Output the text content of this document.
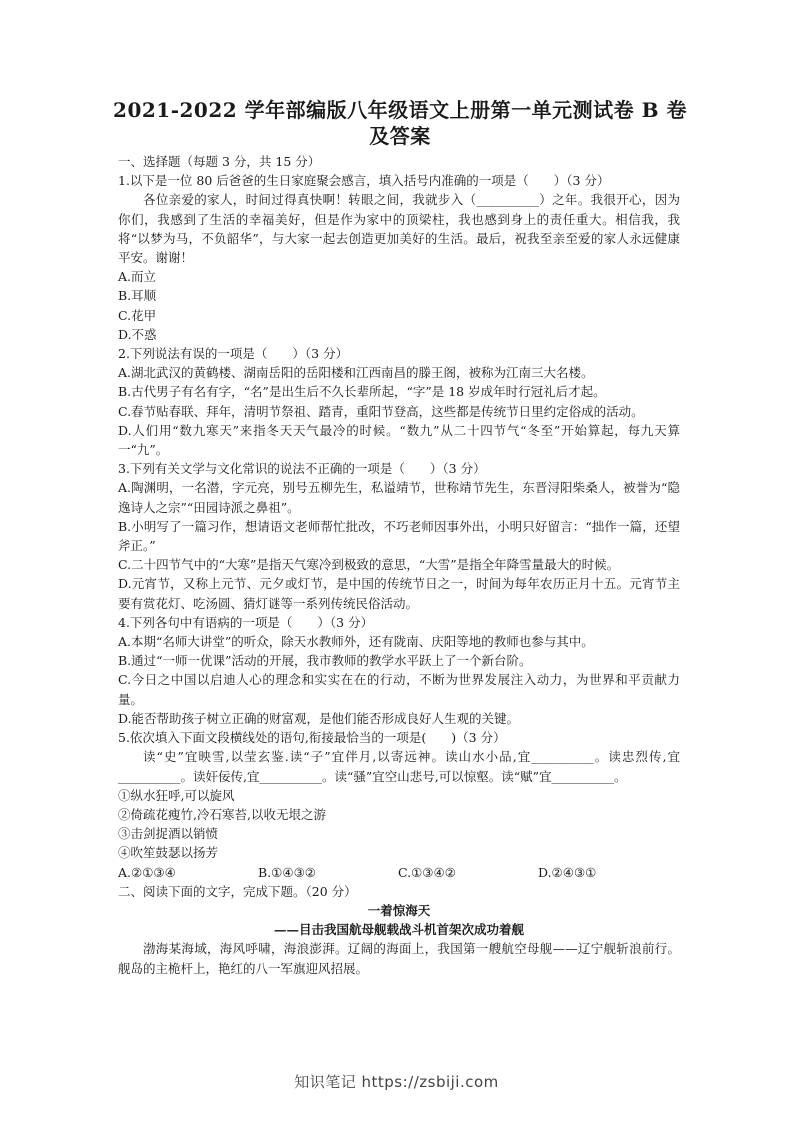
2021-2022 学年部编版八年级语文上册第一单元测试卷 B 卷
及答案

一、选择题（每题 3 分，共 15 分）

1.以下是一位 80 后爸爸的生日家庭聚会感言，填入括号内准确的一项是（　　）（3 分）

各位亲爱的家人，时间过得真快啊！转眼之间，我就步入（__________）之年。我很开心，因为你们，我感到了生活的幸福美好，但是作为家中的顶梁柱，我也感到身上的责任重大。相信我，我将“以梦为马，不负韶华”，与大家一起去创造更加美好的生活。最后，祝我至亲至爱的家人永远健康平安。谢谢！

A.而立

B.耳顺

C.花甲

D.不惑

2.下列说法有误的一项是（　　）（3 分）

A.湖北武汉的黄鹤楼、湖南岳阳的岳阳楼和江西南昌的滕王阁，被称为江南三大名楼。

B.古代男子有名有字，“名”是出生后不久长辈所起，“字”是 18 岁成年时行冠礼后才起。

C.春节贴春联、拜年，清明节祭祖、踏青，重阳节登高，这些都是传统节日里约定俗成的活动。

D.人们用“数九寒天”来指冬天天气最冷的时候。“数九”从二十四节气“冬至”开始算起，每九天算一“九”。

3.下列有关文学与文化常识的说法不正确的一项是（　　）（3 分）

A.陶渊明，一名潜，字元亮，别号五柳先生，私谥靖节，世称靖节先生，东晋浔阳柴桑人，被誉为“隐逸诗人之宗”“田园诗派之鼻祖”。

B.小明写了一篇习作，想请语文老师帮忙批改，不巧老师因事外出，小明只好留言：“拙作一篇，还望斧正。”

C.二十四节气中的“大寒”是指天气寒冷到极致的意思，“大雪”是指全年降雪量最大的时候。

D.元宵节，又称上元节、元夕或灯节，是中国的传统节日之一，时间为每年农历正月十五。元宵节主要有赏花灯、吃汤圆、猜灯谜等一系列传统民俗活动。

4.下列各句中有语病的一项是（　　）（3 分）

A.本期“名师大讲堂”的听众，除天水教师外，还有陇南、庆阳等地的教师也参与其中。

B.通过“一师一优课”活动的开展，我市教师的教学水平跃上了一个新台阶。

C.今日之中国以启迪人心的理念和实实在在的行动，不断为世界发展注入动力，为世界和平贡献力量。

D.能否帮助孩子树立正确的财富观，是他们能否形成良好人生观的关键。

5.依次填入下面文段横线处的语句,衔接最恰当的一项是(　　)（3 分）

读“史”宜映雪,以莹玄鉴.读“子”宜伴月,以寄远神。读山水小品,宜__________。读忠烈传,宜__________。读奸佞传,宜__________。读“骚”宜空山悲号,可以惊壑。读“赋”宜__________。

①纵水狂呼,可以旋风

②倚疏花瘦竹,冷石寒苔,以收无垠之游

③击剑捉酒以销愤

④吹笙鼓瑟以扬芳

A.②①③④	B.①④③②	C.①③④②	D.②④③①

二、阅读下面的文字，完成下题。（20 分）

一着惊海天

——目击我国航母舰载战斗机首架次成功着舰

渤海某海域，海风呼啸，海浪澎湃。辽阔的海面上，我国第一艘航空母舰——辽宁舰斩浪前行。舰岛的主桅杆上，艳红的八一军旗迎风招展。

知识笔记 https://zsbiji.com
